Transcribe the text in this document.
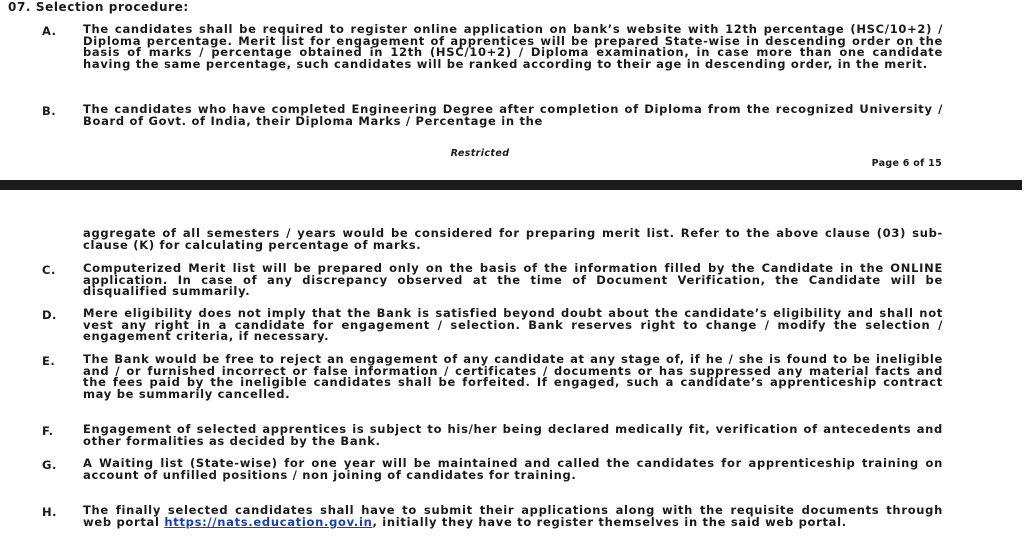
07. Selection procedure:
A. The candidates shall be required to register online application on bank’s website with 12th percentage (HSC/10+2) / Diploma percentage. Merit list for engagement of apprentices will be prepared State-wise in descending order on the basis of marks / percentage obtained in 12th (HSC/10+2) / Diploma examination, in case more than one candidate having the same percentage, such candidates will be ranked according to their age in descending order, in the merit.
B. The candidates who have completed Engineering Degree after completion of Diploma from the recognized University / Board of Govt. of India, their Diploma Marks / Percentage in the
Restricted
Page 6 of 15
aggregate of all semesters / years would be considered for preparing merit list. Refer to the above clause (03) sub-clause (K) for calculating percentage of marks.
C. Computerized Merit list will be prepared only on the basis of the information filled by the Candidate in the ONLINE application. In case of any discrepancy observed at the time of Document Verification, the Candidate will be disqualified summarily.
D. Mere eligibility does not imply that the Bank is satisfied beyond doubt about the candidate’s eligibility and shall not vest any right in a candidate for engagement / selection. Bank reserves right to change / modify the selection / engagement criteria, if necessary.
E. The Bank would be free to reject an engagement of any candidate at any stage of, if he / she is found to be ineligible and / or furnished incorrect or false information / certificates / documents or has suppressed any material facts and the fees paid by the ineligible candidates shall be forfeited. If engaged, such a candidate’s apprenticeship contract may be summarily cancelled.
F.	Engagement of selected apprentices is subject to his/her being declared medically fit, verification of antecedents and other formalities as decided by the Bank.
G. A Waiting list (State-wise) for one year will be maintained and called the candidates for apprenticeship training on account of unfilled positions / non joining of candidates for training.
H. The finally selected candidates shall have to submit their applications along with the requisite documents through web portal https://nats.education.gov.in, initially they have to register themselves in the said web portal.
